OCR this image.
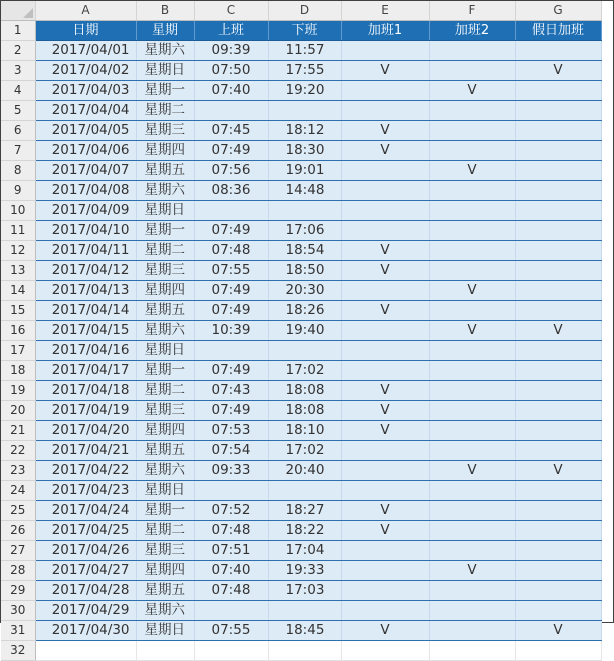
	A	B	C	D	E	F	G
1	日期	星期	上班	下班	加班1	加班2	假日加班
2	2017/04/01	星期六	09:39	11:57			
3	2017/04/02	星期日	07:50	17:55	V		V
4	2017/04/03	星期一	07:40	19:20		V	
5	2017/04/04	星期二					
6	2017/04/05	星期三	07:45	18:12	V		
7	2017/04/06	星期四	07:49	18:30	V		
8	2017/04/07	星期五	07:56	19:01		V	
9	2017/04/08	星期六	08:36	14:48			
10	2017/04/09	星期日					
11	2017/04/10	星期一	07:49	17:06			
12	2017/04/11	星期二	07:48	18:54	V		
13	2017/04/12	星期三	07:55	18:50	V		
14	2017/04/13	星期四	07:49	20:30		V	
15	2017/04/14	星期五	07:49	18:26	V		
16	2017/04/15	星期六	10:39	19:40		V	V
17	2017/04/16	星期日					
18	2017/04/17	星期一	07:49	17:02			
19	2017/04/18	星期二	07:43	18:08	V		
20	2017/04/19	星期三	07:49	18:08	V		
21	2017/04/20	星期四	07:53	18:10	V		
22	2017/04/21	星期五	07:54	17:02			
23	2017/04/22	星期六	09:33	20:40		V	V
24	2017/04/23	星期日					
25	2017/04/24	星期一	07:52	18:27	V		
26	2017/04/25	星期二	07:48	18:22	V		
27	2017/04/26	星期三	07:51	17:04			
28	2017/04/27	星期四	07:40	19:33		V	
29	2017/04/28	星期五	07:48	17:03			
30	2017/04/29	星期六					
31	2017/04/30	星期日	07:55	18:45	V		V
32							
